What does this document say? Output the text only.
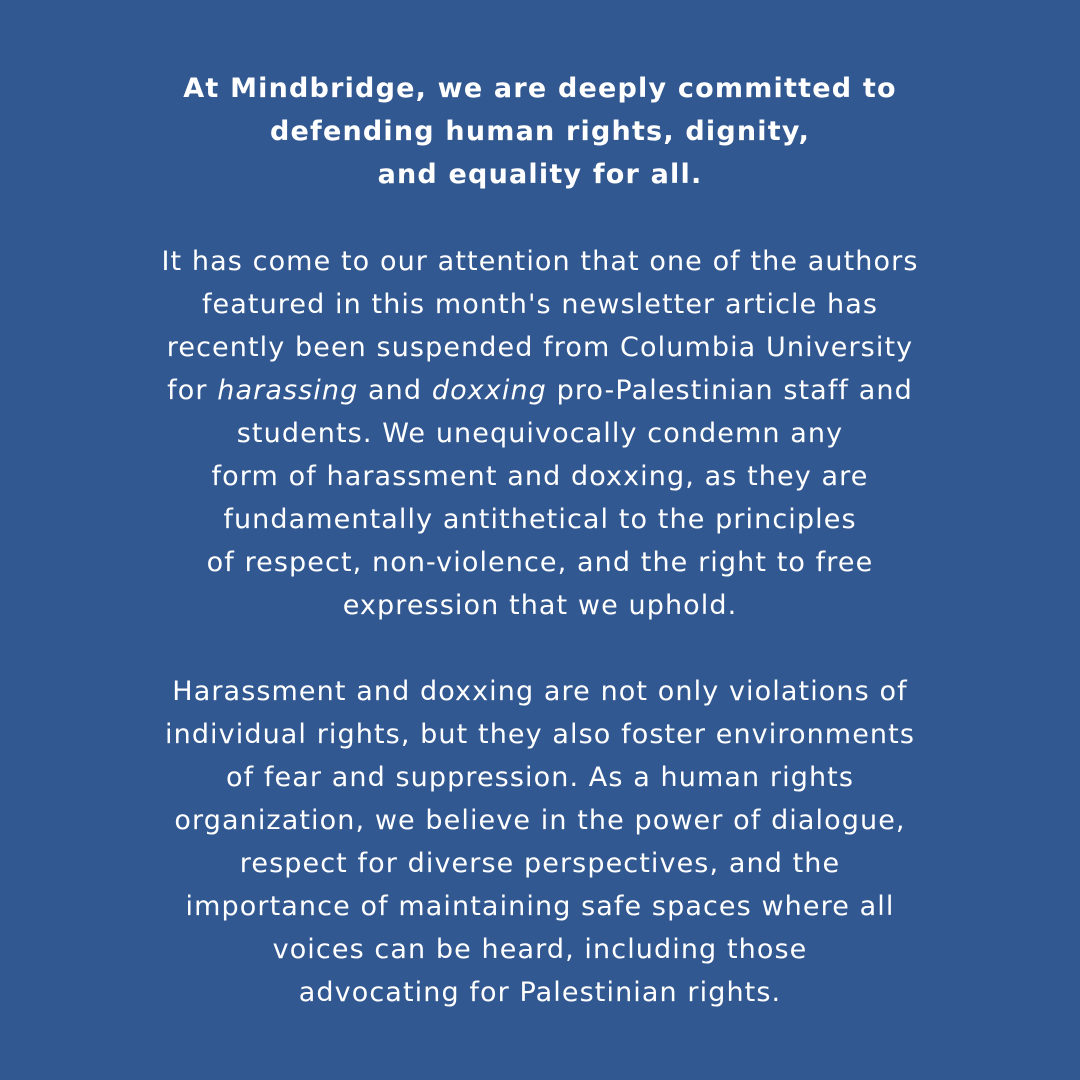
At Mindbridge, we are deeply committed to
defending human rights, dignity,
and equality for all.
It has come to our attention that one of the authors
featured in this month's newsletter article has
recently been suspended from Columbia University
for harassing and doxxing pro-Palestinian staff and
students. We unequivocally condemn any
form of harassment and doxxing, as they are
fundamentally antithetical to the principles
of respect, non-violence, and the right to free
expression that we uphold.
Harassment and doxxing are not only violations of
individual rights, but they also foster environments
of fear and suppression. As a human rights
organization, we believe in the power of dialogue,
respect for diverse perspectives, and the
importance of maintaining safe spaces where all
voices can be heard, including those
advocating for Palestinian rights.
